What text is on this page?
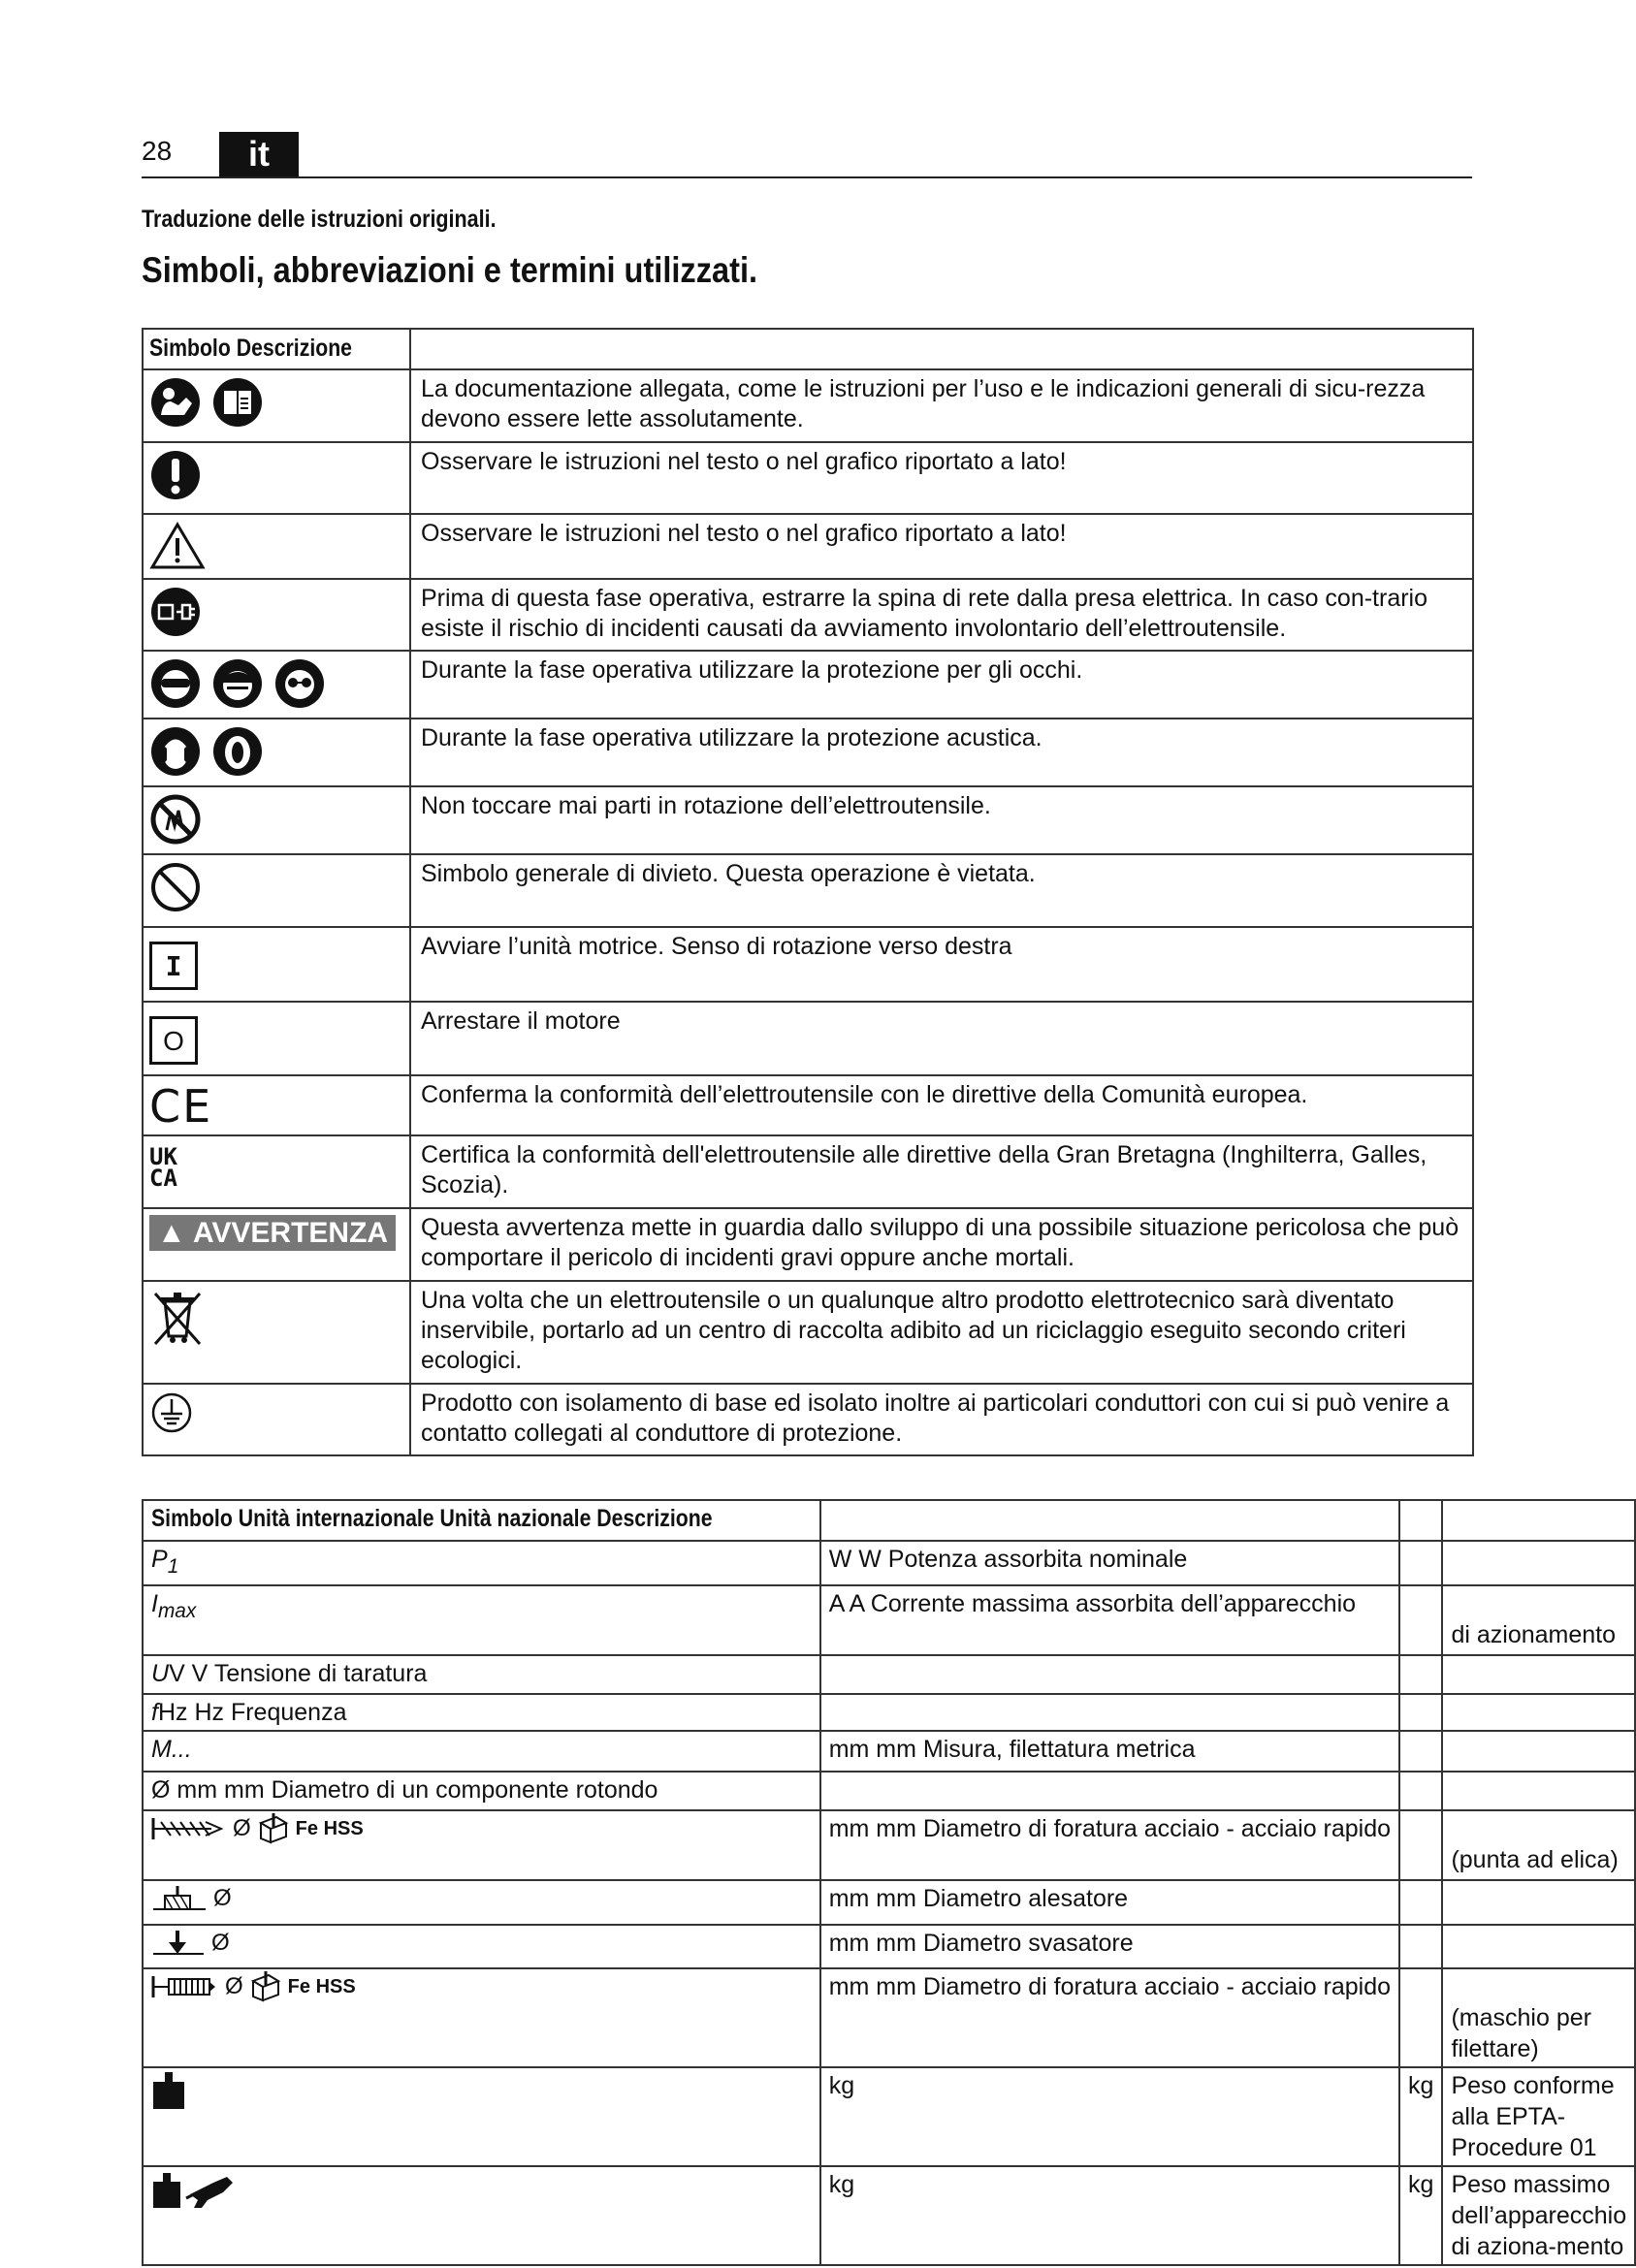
28	it
Traduzione delle istruzioni originali.
Simboli, abbreviazioni e termini utilizzati.
Simbolo Descrizione	

	La documentazione allegata, come le istruzioni per l’uso e le indicazioni generali di sicu-rezza devono essere lette assolutamente.

	Osservare le istruzioni nel testo o nel grafico riportato a lato!

	Osservare le istruzioni nel testo o nel grafico riportato a lato!

	Prima di questa fase operativa, estrarre la spina di rete dalla presa elettrica. In caso con-trario esiste il rischio di incidenti causati da avviamento involontario dell’elettroutensile.

	Durante la fase operativa utilizzare la protezione per gli occhi.

	Durante la fase operativa utilizzare la protezione acustica.

	Non toccare mai parti in rotazione dell’elettroutensile.

	Simbolo generale di divieto. Questa operazione è vietata.

I	Avviare l’unità motrice. Senso di rotazione verso destra

O	Arrestare il motore

CE	Conferma la conformità dell’elettroutensile con le direttive della Comunità europea.

UK
CA	Certifica la conformità dell'elettroutensile alle direttive della Gran Bretagna (Inghilterra, Galles, Scozia).

▲ AVVERTENZA	Questa avvertenza mette in guardia dallo sviluppo di una possibile situazione pericolosa che può comportare il pericolo di incidenti gravi oppure anche mortali.

	Una volta che un elettroutensile o un qualunque altro prodotto elettrotecnico sarà diventato inservibile, portarlo ad un centro di raccolta adibito ad un riciclaggio eseguito secondo criteri ecologici.

	Prodotto con isolamento di base ed isolato inoltre ai particolari conduttori con cui si può venire a contatto collegati al conduttore di protezione.
Simbolo Unità internazionale Unità nazionale Descrizione			
$P_1$	W W Potenza assorbita nominale		
$I_{max}$	A A Corrente massima assorbita dell’apparecchio		di azionamento
UV V Tensione di taratura			
fHz Hz Frequenza			
M...	mm mm Misura, filettatura metrica		
Ø mm mm Diametro di un componente rotondo			

Ø Fe HSS	mm mm Diametro di foratura acciaio - acciaio rapido		(punta ad elica)

Ø	mm mm Diametro alesatore		

Ø	mm mm Diametro svasatore		

Ø Fe HSS	mm mm Diametro di foratura acciaio - acciaio rapido		(maschio per filettare)
	kg	kg	Peso conforme alla EPTA-Procedure 01

	kg	kg	Peso massimo dell’apparecchio di aziona-mento
